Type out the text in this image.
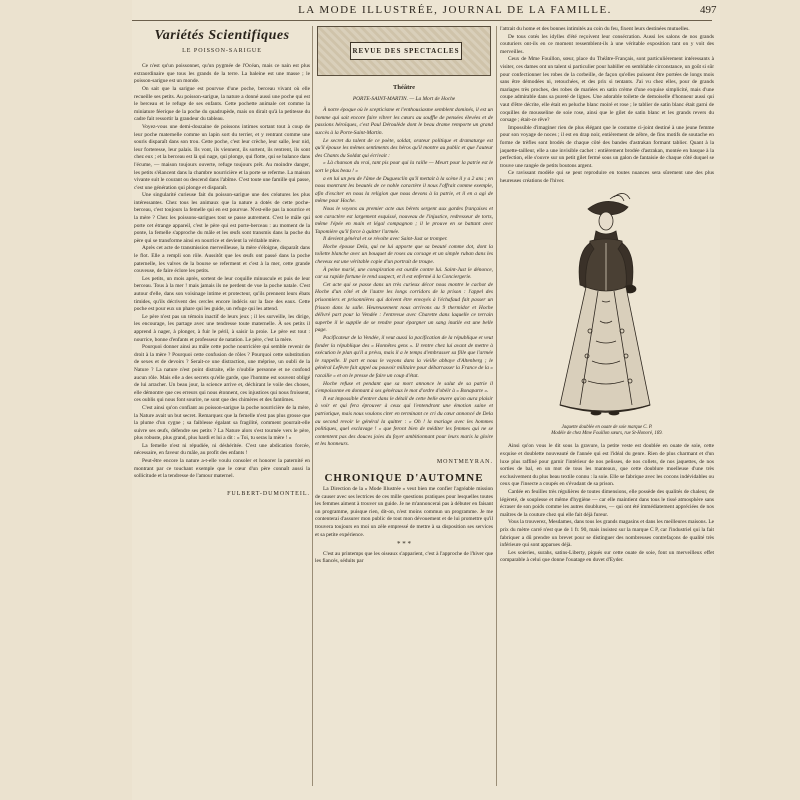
LA MODE ILLUSTRÉE, JOURNAL DE LA FAMILLE.	497
Variétés Scientifiques
LE POISSON-SARIGUE

Ce n'est qu'un poissonnet, qu'un pygmée de l'Océan, mais ce nain est plus extraordinaire que tous les grands de la terre. La baleine est une masse ; le poisson-sarigue est un monde.

On sait que la sarigue est pourvue d'une poche, berceau vivant où elle recueille ses petits. Au poisson-sarigue, la nature a donné aussi une poche qui est le berceau et le refuge de ses enfants. Cette pochette animale cet comme la miniature féerique de la poche du quadrupède, mais on dirait qu'à la petitesse du cadre fait ressortir la grandeur du tableau.

Voyez-vous une demi-douzaine de poissons intimes sortant tout à coup de leur poche maternelle comme un lapin sort du terrier, et y rentrant comme une souris disparaît dans son trou. Cette poche, c'est leur crèche, leur salle, leur nid, leur forteresse, leur palais. Ils vont, ils viennent, ils sortent, ils rentrent, ils sont chez eux ; et la berceau est là qui nage, qui plonge, qui flotte, qui se balance dans l'écume, — maison toujours ouverte, refuge toujours prêt. Au moindre danger, les petits s'élancent dans la chambre nourricière et la porte se referme. La maison vivante suit le courant ou descend dans l'abîme. C'est toute une famille qui passe, c'est une génération qui plonge et disparaît.

Une singularité curieuse fait du poisson-sarigue une des créatures les plus intéressantes. Chez tous les animaux que la nature a dotés de cette poche-berceau, c'est toujours la femelle qui en est pourvue. N'est-elle pas la nourrice et la mère ? Chez les poissons-sarigues tout se passe autrement. C'est le mâle qui porte cet étrange appareil, c'est le père qui est porte-berceau : au moment de la ponte, la femelle s'approche du mâle et les œufs sont transmis dans la poche du père qui se transforme ainsi en nourrice et devient la véritable mère.

Après cet acte de transmission merveilleuse, la mère s'éloigne, disparaît dans le flot. Elle a rempli son rôle. Aussitôt que les œufs ont passé dans la poche paternelle, les valves de la bourse se referment et c'est à la mer, cette grande couveuse, de faire éclore les petits.

Les petits, un mois après, sortent de leur coquille minuscule et puis de leur berceau. Tous à la mer ! mais jamais ils ne perdent de vue la poche natale. C'est autour d'elle, dans son voisinage intime et protecteur, qu'ils prennent leurs ébats timides, qu'ils décrivent des cercles encore indécis sur la face des eaux. Cette poche est pour eux un phare qui les guide, un refuge qui les attend.

Le père n'est pas un témoin inactif de leurs jeux ; il les surveille, les dirige, les encourage, les partage avec une tendresse toute maternelle. À ses petits il apprend à nager, à plonger, à fuir le péril, à saisir la proie. Le père est tout : nourrice, bonne d'enfants et professeur de natation. Le père, c'est la mère.

Pourquoi donner ainsi au mâle cette poche nourricière qui semble revenir de droit à la mère ? Pourquoi cette confusion de rôles ? Pourquoi cette substitution de sexes et de devoirs ? Serait-ce une distraction, une méprise, un oubli de la Nature ? La nature n'est point distraite, elle n'oublie personne et ne confond aucun rôle. Mais elle a des secrets qu'elle garde, que l'homme est souvent obligé de lui arracher. Un beau jour, la science arrive et, déchirant le voile des choses, elle démontre que ces erreurs qui nous étonnent, ces injustices qui nous froissent, ces oublis qui nous font sourire, ne sont que des chimères et des fantômes.

C'est ainsi qu'on confiant au poisson-sarigue la poche nourricière de la mère, la Nature avait un but secret. Remarquez que la femelle n'est pas plus grosse que la plume d'un cygne ; sa faiblesse égalant sa fragilité, comment pourrait-elle suivre ses œufs, défendre ses petits ? La Nature alors s'est tournée vers le père, plus robuste, plus grand, plus hardi et lui a dit : « Toi, tu seras la mère ! »

La femelle n'est ni répudiée, ni déshéritée. C'est une abdication forcée, nécessaire, en faveur du mâle, au profit des enfants !

Peut-être encore la nature a-t-elle voulu consoler et honorer la paternité en montrant par ce touchant exemple que le cœur d'un père connaît aussi la sollicitude et la tendresse de l'amour maternel.

FULBERT-DUMONTEIL.
REVUE DES SPECTACLES
Théâtre
PORTE-SAINT-MARTIN. — La Mort de Hoche

À notre époque où le scepticisme et l'enthousiasme semblent dominés, il est un homme qui sait encore faire vibrer les cœurs au souffle de pensées élevées et de passions héroïques, c'est Paul Déroulède dont le beau drame remporte un grand succès à la Porte-Saint-Martin.

Le secret du talent de ce poète, soldat, orateur politique et dramaturge est qu'il épouse les mêmes sentiments des héros qu'il montre au public et que l'auteur des Chants du Soldat qui écrivait :

« Là chanson du vrai, tant pis pour qui la raille — Meurt pour la patrie est le sort le plus beau ! »

a en lui un peu de l'âme de Duguesclin qu'il mettait à la scène il y a 2 ans ; en nous montrant les beautés de ce noble caractère il nous l'offrait comme exemple, afin d'exciter en nous la religion que nous devons à la patrie, et il en a agi de même pour Hoche.

Nous le voyons au premier acte aux bérets sergent aux gardes françaises et son caractère est largement esquissé, nouveau de l'injustice, redresseur de torts, même l'épée en main et légal compagnon ; il le prouve en se battant avec Tapomière qu'il force à quitter l'armée.

Il devient général et se révolte avec Saint-Just se tromper.

Hoche épouse Dela, qui ne lui apporte que sa beauté comme dot, dont la toilette blanche avec un bouquet de roses au corsage et un simple ruban dans les cheveux est une véritable copie d'un portrait de troupe.

À peine marié, une conspiration est ourdie contre lui. Saint-Just le dénonce, car sa rapide fortune le rend suspect, et il est enfermé à la Conciergerie.

Cet acte qui se passe dans un très curieux décor nous montre le cachot de Hoche d'un côté et de l'autre les longs corridors de la prison : l'appel des prisonniers et prisonnières qui doivent être envoyés à l'échafaud fait passer un frisson dans la salle. Heureusement nous arrivons au 9 thermidor et Hoche délivré part pour la Vendée : l'entrevue avec Charette dans laquelle ce terrain superbe il le supplie de se rendre pour épargner un sang inutile est une belle page.

Pacificateur de la Vendée, il veut aussi la pacification de la république et veut fonder la république des « Honnêtes gens ». Il rentre chez lui avant de mettre à exécution le plan qu'il a prévu, mais il a le temps d'embrasser sa fille que l'armée le rappelle. Il part et nous le voyons dans la vieille abbaye d'Altenberg ; le général Lefèvre fait appel au pouvoir militaire pour débarrasser la France de la « racaille » et on le presse de faire un coup d'état.

Hoche refuse et pendant que sa mort annonce le salut de sa patrie il s'empoisonne en donnant à ses généraux le mot d'ordre d'obéir à « Bonaparte ».

Il est impossible d'entrer dans le détail de cette belle œuvre qu'on aura plaisir à voir et qui fera éprouver à ceux qui l'entendront une émotion saine et patriotique, mais nous voulons citer en terminant ce cri du cœur annoncé de Dela au second revoir le général la quitter : « Oh ! la mariage avec les hommes politiques, quel esclavage ! » que feront bien de méditer les femmes qui ne se contentent pas des douces joies du foyer ambitionnant pour leurs maris la gloire et les honneurs.

MONTMEYRAN.
CHRONIQUE D'AUTOMNE

La Direction de la « Mode Illustrée » veut bien me confier l'agréable mission de causer avec ses lectrices de ces mille questions pratiques pour lesquelles toutes les femmes aiment à trouver un guide. Je ne m'annoncerai pas à débuter en faisant un programme, puisque rien, dit-on, n'est moins commun un programme. Je me contenterai d'assurer mon public de tout mon dévouement et de lui promettre qu'il trouvera toujours en moi un zèle empressé de mettre à sa disposition ses services et sa petite expérience.

* * *

C'est au printemps que les oiseaux s'apparient, c'est à l'approche de l'hiver que les fiancés, séduits par

l'attrait du home et des bonnes intimités au coin du feu, fixent leurs destinées mutuelles.

De tous cotés les idylles d'été reçoivent leur consécration. Aussi les salons de nos grands couturiers ont-ils en ce moment ressemblent-ils à une véritable exposition tant on y voit des merveilles.

Ceux de Mme Fouillon, sœur, place du Théâtre-Français, sont particulièrement intéressants à visiter, ces dames ont un talent si particulier pour habiller en semblable circonstance, un goût si sûr pour confectionner les robes de la corbeille, de façon qu'elles puissent être portées de longs mois sans être démodées ni, retouchées, et des prix si tentants. J'ai vu chez elles, pour de grands mariages très proches, des robes de mariées en satin crème d'une exquise simplicité, mais d'une coupe admirable dans sa pureté de lignes. Une adorable toilette de demoiselle d'honneur aussi qui vaut d'être décrite, elle était en peluche blanc moiré et rose ; le tablier de satin blanc était garni de coquilles de mousseline de soie rose, ainsi que le gilet de satin blanc et les grands revers du corsage ; était-ce rêve?

Impossible d'imaginer rien de plus élégant que le costume ci-joint destiné à une jeune femme pour son voyage de noces ; il est en drap noir, entièrement de zébre, de fins motifs de soutache en forme de trèfles sont brodés de chaque côté des bandes d'astrakan formant tablier. Quant à la jaquette-tailleur, elle a une invisible cachet : entièrement brodée d'astrakan, montée en basque à la perfection, elle s'ouvre sur un petit gilet fermé sous un galon de fantaisie de chaque côté duquel se trouve une rangée de petits boutons argent.

Ce ravissant modèle qui se peut reproduire en toutes nuances sera sûrement une des plus heureuses créations de l'hiver.

Jaquette doublée en ouate de soie marque C. P.
Modèle de chez Mme Fouillon sœurs, rue St-Honoré, 169.

Ainsi qu'on vous le dit sous la gravure, la petite veste est doublée en ouate de soie, cette exquise et doublette nouveauté de l'année qui est l'idéal du genre. Rien de plus charmant et d'un luxe plus raffiné pour garnir l'intérieur de nos pelisses, de nos collets, de nos jaquettes, de nos sorties de bal, en un mot de tous les manteaux, que cette doublure moelleuse d'une très exclusivement du plus beau textile connu : la soie. Elle se fabrique avec les cocons indévidables ou ceux que l'insecte a coupés en s'évadant de sa prison.

Cardée en feuilles très régulières de toutes dimensions, elle possède des qualités de chaleur, de légèreté, de souplesse et même d'hygiène — car elle maintient dans tous le tissé atmosphère sans écraser de son poids comme les autres doublures, — qui ont été immédiatement appréciées de nos maîtres de la couture chez qui elle fait déjà fureur.

Vous la trouverez, Mesdames, dans tous les grands magasins et dans les meilleures maisons. Le prix du mètre carré n'est que de 1 fr. 90, mais insistez sur la marque C P, car l'industriel qui la fait fabriquer a dû prendre un brevet pour se distinguer des nombreuses contrefaçons de qualité très inférieure qui sont apparues déjà.

Les soieries, surahs, satins-Liberty, piqués sur cette ouate de soie, font un merveilleux effet comparable à celui que donne l'ouatage en duvet d'Eyder.
